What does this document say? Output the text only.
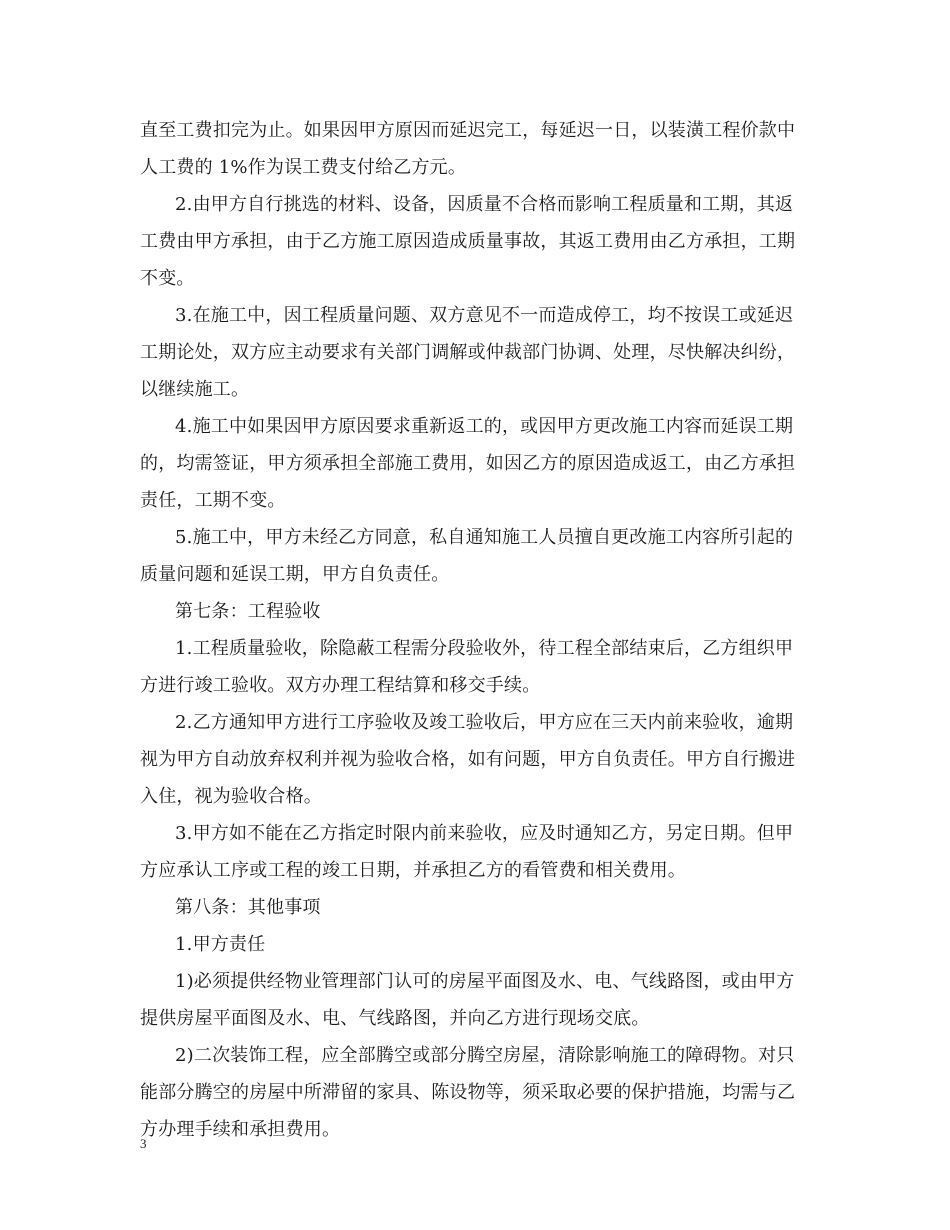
直至工费扣完为止。如果因甲方原因而延迟完工，每延迟一日，以装潢工程价款中
人工费的 1%作为误工费支付给乙方元。
2.由甲方自行挑选的材料、设备，因质量不合格而影响工程质量和工期，其返
工费由甲方承担，由于乙方施工原因造成质量事故，其返工费用由乙方承担，工期
不变。
3.在施工中，因工程质量问题、双方意见不一而造成停工，均不按误工或延迟
工期论处，双方应主动要求有关部门调解或仲裁部门协调、处理，尽快解决纠纷，
以继续施工。
4.施工中如果因甲方原因要求重新返工的，或因甲方更改施工内容而延误工期
的，均需签证，甲方须承担全部施工费用，如因乙方的原因造成返工，由乙方承担
责任，工期不变。
5.施工中，甲方未经乙方同意，私自通知施工人员擅自更改施工内容所引起的
质量问题和延误工期，甲方自负责任。
第七条：工程验收
1.工程质量验收，除隐蔽工程需分段验收外，待工程全部结束后，乙方组织甲
方进行竣工验收。双方办理工程结算和移交手续。
2.乙方通知甲方进行工序验收及竣工验收后，甲方应在三天内前来验收，逾期
视为甲方自动放弃权利并视为验收合格，如有问题，甲方自负责任。甲方自行搬进
入住，视为验收合格。
3.甲方如不能在乙方指定时限内前来验收，应及时通知乙方，另定日期。但甲
方应承认工序或工程的竣工日期，并承担乙方的看管费和相关费用。
第八条：其他事项
1.甲方责任
1)必须提供经物业管理部门认可的房屋平面图及水、电、气线路图，或由甲方
提供房屋平面图及水、电、气线路图，并向乙方进行现场交底。
2)二次装饰工程，应全部腾空或部分腾空房屋，清除影响施工的障碍物。对只
能部分腾空的房屋中所滞留的家具、陈设物等，须采取必要的保护措施，均需与乙
方办理手续和承担费用。
3
